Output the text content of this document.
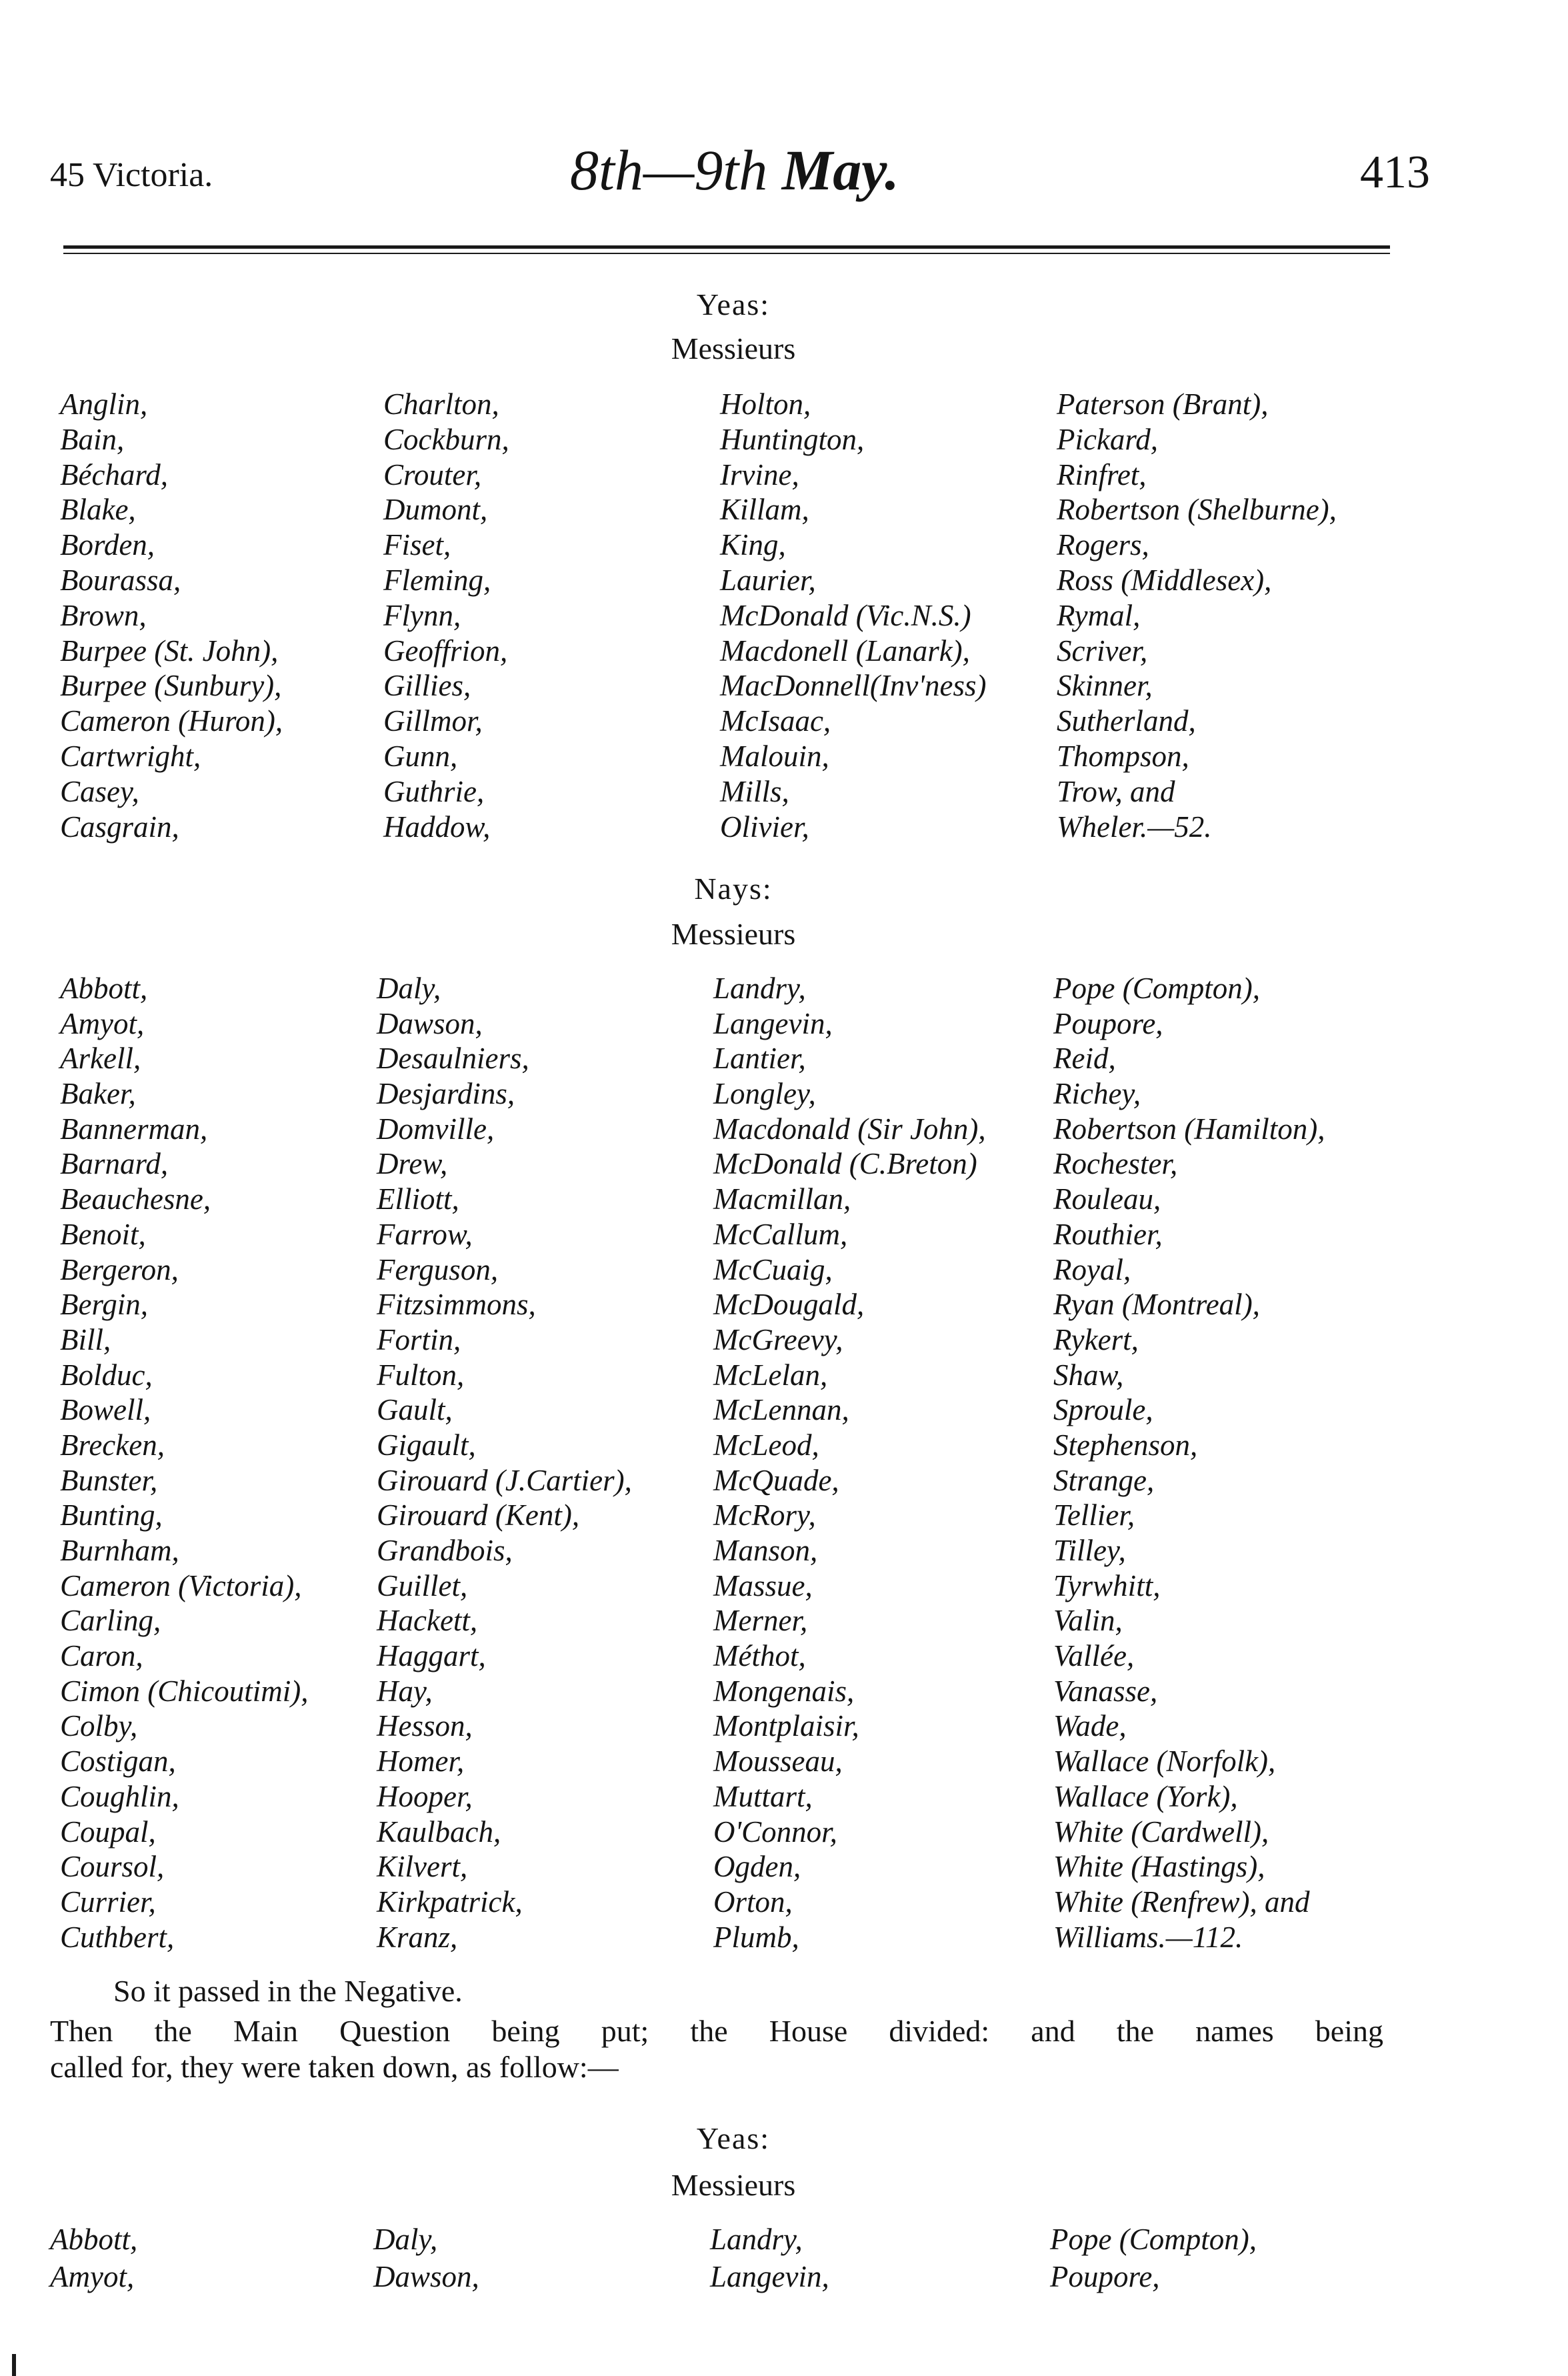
45 Victoria.	8th—9th May.	413
Yeas:
Messieurs
Anglin,
Bain,
Béchard,
Blake,
Borden,
Bourassa,
Brown,
Burpee (St. John),
Burpee (Sunbury),
Cameron (Huron),
Cartwright,
Casey,
Casgrain,
Charlton,
Cockburn,
Crouter,
Dumont,
Fiset,
Fleming,
Flynn,
Geoffrion,
Gillies,
Gillmor,
Gunn,
Guthrie,
Haddow,
Holton,
Huntington,
Irvine,
Killam,
King,
Laurier,
McDonald (Vic.N.S.)
Macdonell (Lanark),
MacDonnell(Inv'ness)
McIsaac,
Malouin,
Mills,
Olivier,
Paterson (Brant),
Pickard,
Rinfret,
Robertson (Shelburne),
Rogers,
Ross (Middlesex),
Rymal,
Scriver,
Skinner,
Sutherland,
Thompson,
Trow, and
Wheler.—52.
Nays:
Messieurs
Abbott,
Amyot,
Arkell,
Baker,
Bannerman,
Barnard,
Beauchesne,
Benoit,
Bergeron,
Bergin,
Bill,
Bolduc,
Bowell,
Brecken,
Bunster,
Bunting,
Burnham,
Cameron (Victoria),
Carling,
Caron,
Cimon (Chicoutimi),
Colby,
Costigan,
Coughlin,
Coupal,
Coursol,
Currier,
Cuthbert,
Daly,
Dawson,
Desaulniers,
Desjardins,
Domville,
Drew,
Elliott,
Farrow,
Ferguson,
Fitzsimmons,
Fortin,
Fulton,
Gault,
Gigault,
Girouard (J.Cartier),
Girouard (Kent),
Grandbois,
Guillet,
Hackett,
Haggart,
Hay,
Hesson,
Homer,
Hooper,
Kaulbach,
Kilvert,
Kirkpatrick,
Kranz,
Landry,
Langevin,
Lantier,
Longley,
Macdonald (Sir John),
McDonald (C.Breton)
Macmillan,
McCallum,
McCuaig,
McDougald,
McGreevy,
McLelan,
McLennan,
McLeod,
McQuade,
McRory,
Manson,
Massue,
Merner,
Méthot,
Mongenais,
Montplaisir,
Mousseau,
Muttart,
O'Connor,
Ogden,
Orton,
Plumb,
Pope (Compton),
Poupore,
Reid,
Richey,
Robertson (Hamilton),
Rochester,
Rouleau,
Routhier,
Royal,
Ryan (Montreal),
Rykert,
Shaw,
Sproule,
Stephenson,
Strange,
Tellier,
Tilley,
Tyrwhitt,
Valin,
Vallée,
Vanasse,
Wade,
Wallace (Norfolk),
Wallace (York),
White (Cardwell),
White (Hastings),
White (Renfrew), and
Williams.—112.
So it passed in the Negative.
Then the Main Question being put; the House divided: and the names being
called for, they were taken down, as follow:—
Yeas:
Messieurs
Abbott,
Amyot,
Daly,
Dawson,
Landry,
Langevin,
Pope (Compton),
Poupore,
